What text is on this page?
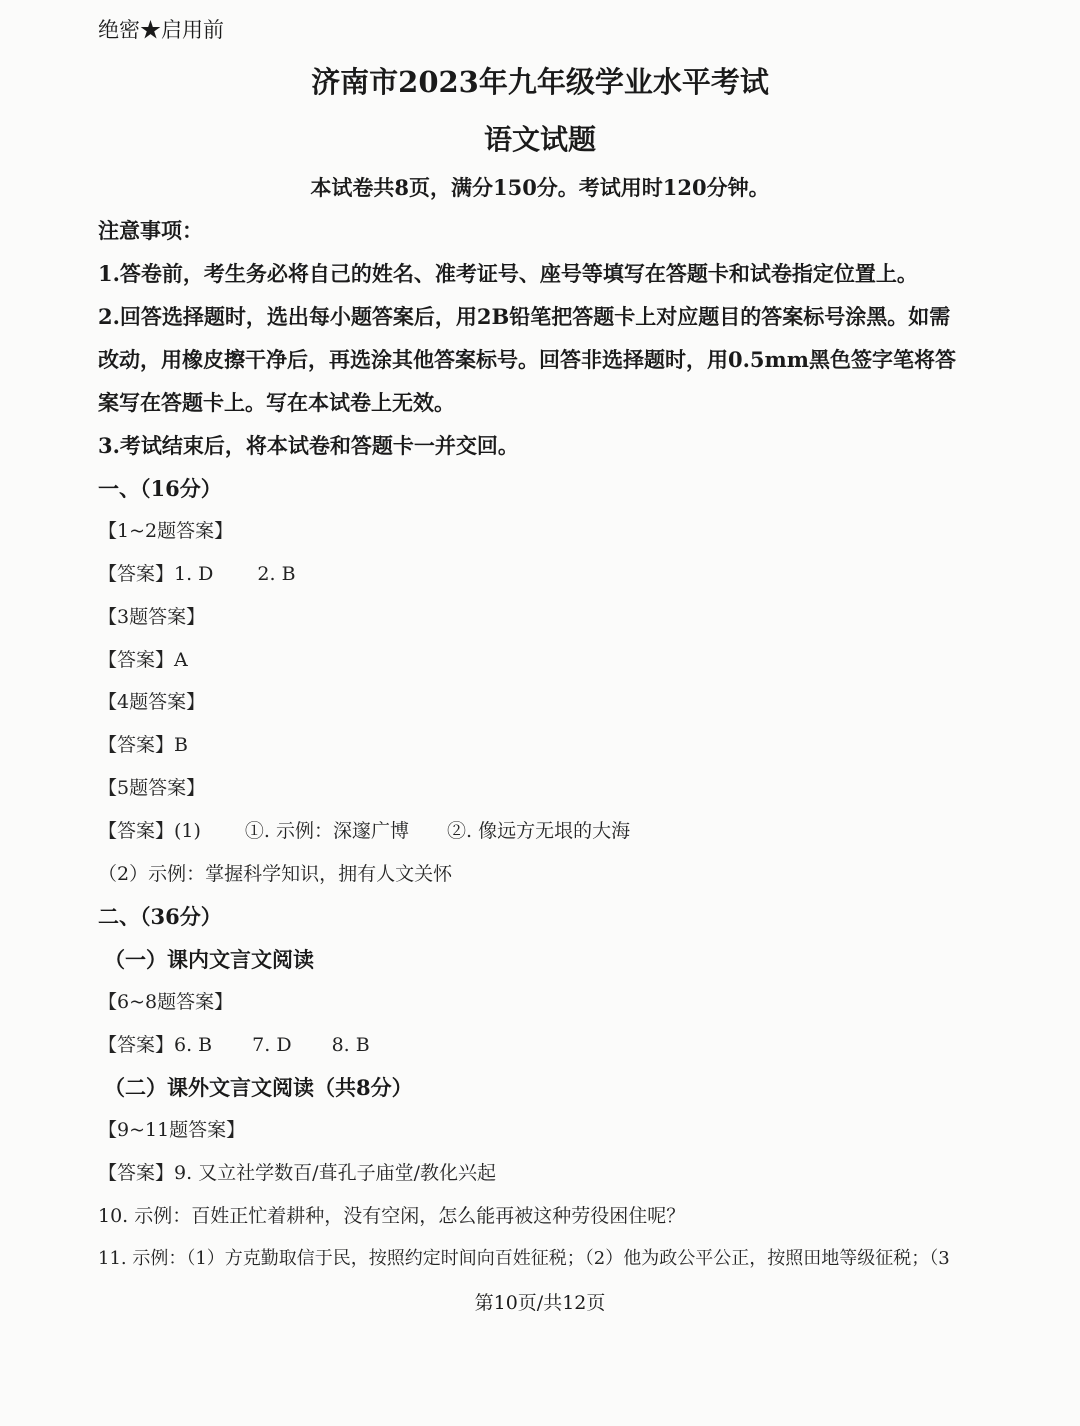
绝密★启用前
济南市2023年九年级学业水平考试
语文试题
本试卷共8页，满分150分。考试用时120分钟。
注意事项：
1.答卷前，考生务必将自己的姓名、准考证号、座号等填写在答题卡和试卷指定位置上。
2.回答选择题时，选出每小题答案后，用2B铅笔把答题卡上对应题目的答案标号涂黑。如需
改动，用橡皮擦干净后，再选涂其他答案标号。回答非选择题时，用0.5mm黑色签字笔将答
案写在答题卡上。写在本试卷上无效。
3.考试结束后，将本试卷和答题卡一并交回。
一、（16分）
【1~2题答案】
【答案】1. D 2. B
【3题答案】
【答案】A
【4题答案】
【答案】B
【5题答案】
【答案】(1) ①. 示例：深邃广博 ②. 像远方无垠的大海
（2）示例：掌握科学知识，拥有人文关怀
二、（36分）
（一）课内文言文阅读
【6~8题答案】
【答案】6. B 7. D 8. B
（二）课外文言文阅读（共8分）
【9~11题答案】
【答案】9. 又立社学数百/葺孔子庙堂/教化兴起
10. 示例：百姓正忙着耕种，没有空闲，怎么能再被这种劳役困住呢？
11. 示例：（1）方克勤取信于民，按照约定时间向百姓征税；（2）他为政公平公正，按照田地等级征税；（3
第10页/共12页
